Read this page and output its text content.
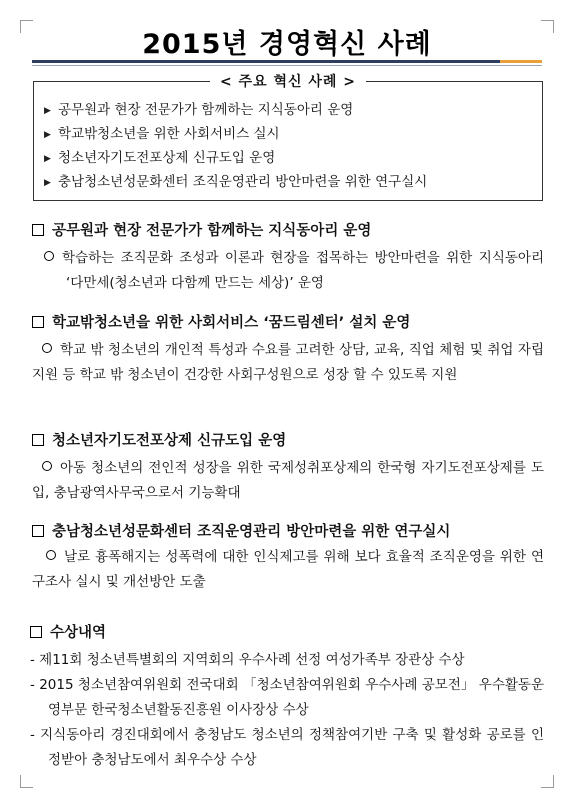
2015년 경영혁신 사례
< 주요 혁신 사례 >
▶ 공무원과 현장 전문가가 함께하는 지식동아리 운영
▶ 학교밖청소년을 위한 사회서비스 실시
▶ 청소년자기도전포상제 신규도입 운영
▶ 충남청소년성문화센터 조직운영관리 방안마련을 위한 연구실시
공무원과 현장 전문가가 함께하는 지식동아리 운영
학습하는 조직문화 조성과 이론과 현장을 접목하는 방안마련을 위한 지식동아리 ‘다만세(청소년과 다함께 만드는 세상)’ 운영
학교밖청소년을 위한 사회서비스 ‘꿈드림센터’ 설치 운영
학교 밖 청소년의 개인적 특성과 수요를 고려한 상담, 교육, 직업 체험 및 취업 자립지원 등 학교 밖 청소년이 건강한 사회구성원으로 성장 할 수 있도록 지원
청소년자기도전포상제 신규도입 운영
아동 청소년의 전인적 성장을 위한 국제성취포상제의 한국형 자기도전포상제를 도입, 충남광역사무국으로서 기능확대
충남청소년성문화센터 조직운영관리 방안마련을 위한 연구실시
날로 흉폭해지는 성폭력에 대한 인식제고를 위해 보다 효율적 조직운영을 위한 연구조사 실시 및 개선방안 도출
수상내역
- 제11회 청소년특별회의 지역회의 우수사례 선정 여성가족부 장관상 수상
- 2015 청소년참여위원회 전국대회 「청소년참여위원회 우수사례 공모전」 우수활동운영부문 한국청소년활동진흥원 이사장상 수상
- 지식동아리 경진대회에서 충청남도 청소년의 정책참여기반 구축 및 활성화 공로를 인정받아 충청남도에서 최우수상 수상
